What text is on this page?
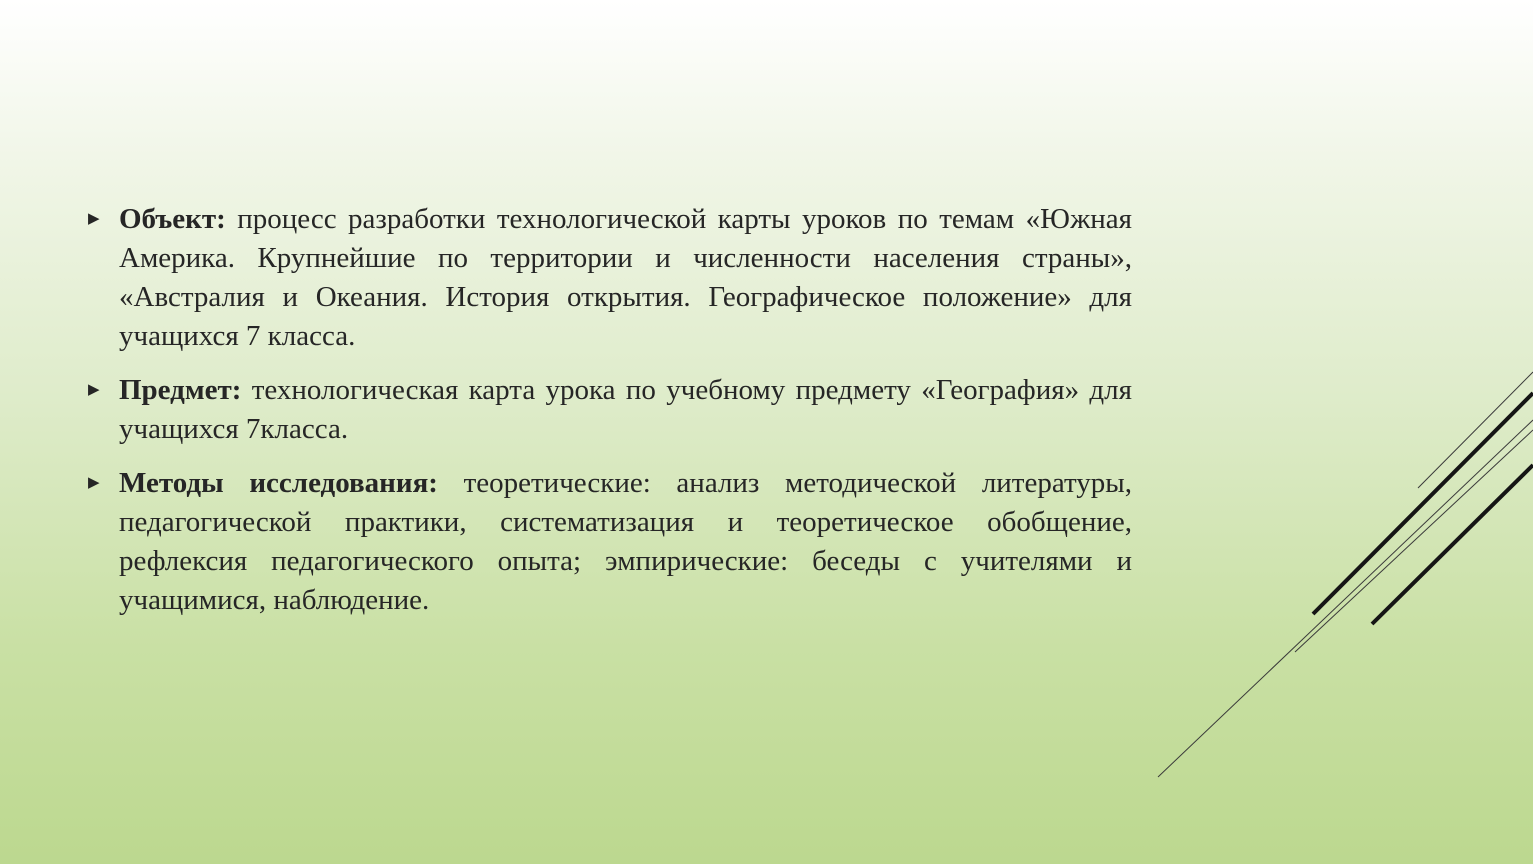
▶ Объект: процесс разработки технологической карты уроков по темам «Южная Америка. Крупнейшие по территории и численности населения страны», «Австралия и Океания. История открытия. Географическое положение» для учащихся 7 класса.
▶ Предмет: технологическая карта урока по учебному предмету «География» для учащихся 7класса.
▶ Методы исследования: теоретические: анализ методической литературы, педагогической практики, систематизация и теоретическое обобщение, рефлексия педагогического опыта; эмпирические: беседы с учителями и учащимися, наблюдение.
